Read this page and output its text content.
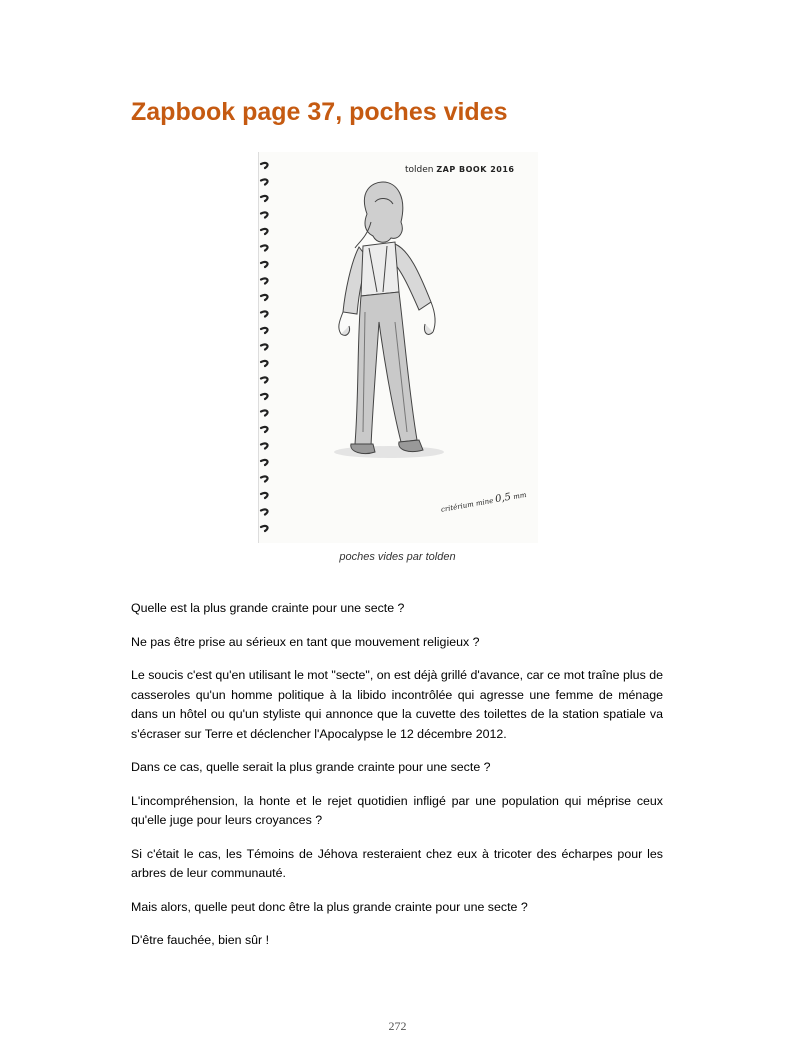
Zapbook page 37, poches vides
tolden ZAP BOOK 2016
critérium mine 0,5 mm
poches vides par tolden

Quelle est la plus grande crainte pour une secte ?

Ne pas être prise au sérieux en tant que mouvement religieux ?

Le soucis c'est qu'en utilisant le mot "secte", on est déjà grillé d'avance, car ce mot traîne plus de casseroles qu'un homme politique à la libido incontrôlée qui agresse une femme de ménage dans un hôtel ou qu'un styliste qui annonce que la cuvette des toilettes de la station spatiale va s'écraser sur Terre et déclencher l'Apocalypse le 12 décembre 2012.

Dans ce cas, quelle serait la plus grande crainte pour une secte ?

L'incompréhension, la honte et le rejet quotidien infligé par une population qui méprise ceux qu'elle juge pour leurs croyances ?

Si c'était le cas, les Témoins de Jéhova resteraient chez eux à tricoter des écharpes pour les arbres de leur communauté.

Mais alors, quelle peut donc être la plus grande crainte pour une secte ?

D'être fauchée, bien sûr !

272
